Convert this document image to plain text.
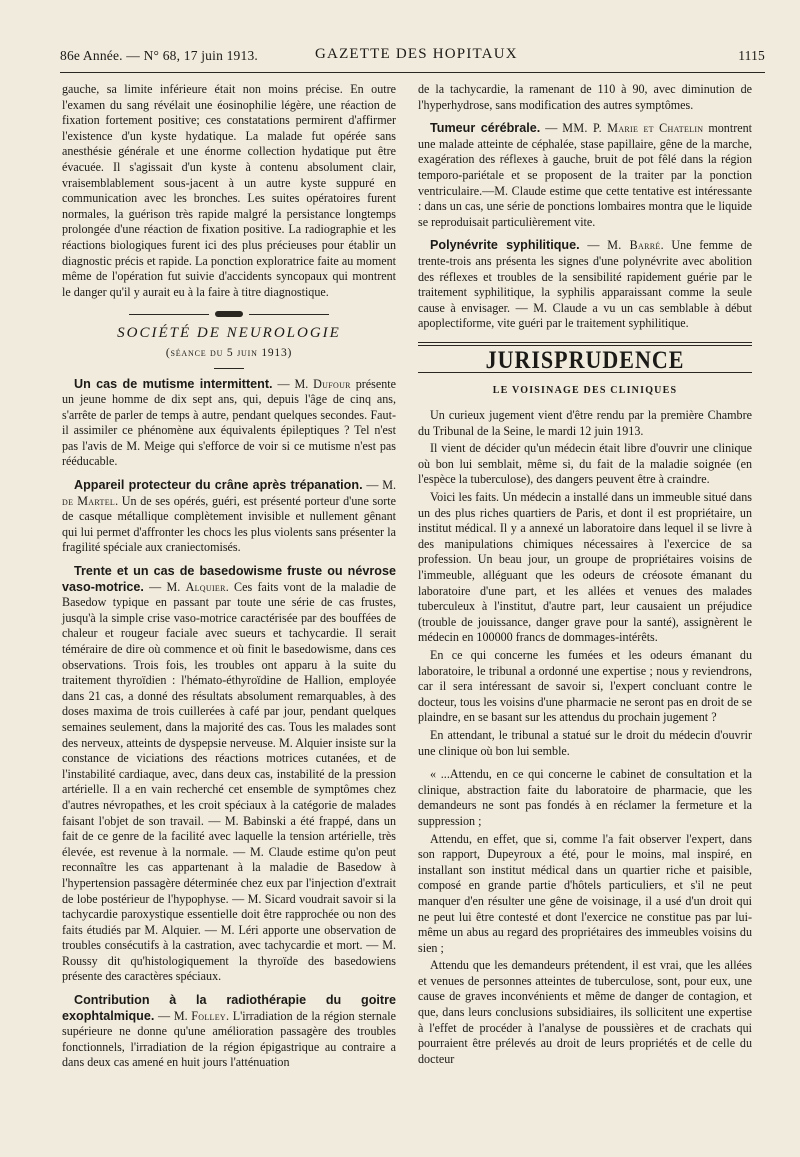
86e Année. — N° 68, 17 juin 1913.	GAZETTE DES HOPITAUX	1115

gauche, sa limite inférieure était non moins précise. En outre l'examen du sang révélait une éosinophilie légère, une réaction de fixation fortement positive; ces constatations permirent d'affirmer l'existence d'un kyste hydatique. La malade fut opérée sans anesthésie générale et une énorme collection hydatique put être évacuée. Il s'agissait d'un kyste à contenu absolument clair, vraisemblablement sous-jacent à un autre kyste suppuré en communication avec les bronches. Les suites opératoires furent normales, la guérison très rapide malgré la persistance longtemps prolongée d'une réaction de fixation positive. La radiographie et les réactions biologiques furent ici des plus précieuses pour établir un diagnostic précis et rapide. La ponction exploratrice faite au moment même de l'opération fut suivie d'accidents syncopaux qui montrent le danger qu'il y aurait eu à la faire à titre diagnostique.

SOCIÉTÉ DE NEUROLOGIE
(séance du 5 juin 1913)

Un cas de mutisme intermittent. — M. Dufour présente un jeune homme de dix sept ans, qui, depuis l'âge de cinq ans, s'arrête de parler de temps à autre, pendant quelques secondes. Faut-il assimiler ce phénomène aux équivalents épileptiques ? Tel n'est pas l'avis de M. Meige qui s'efforce de voir si ce mutisme n'est pas rééducable.

Appareil protecteur du crâne après trépanation. — M. de Martel. Un de ses opérés, guéri, est présenté porteur d'une sorte de casque métallique complètement invisible et nullement gênant qui lui permet d'affronter les chocs les plus violents sans présenter la fragilité spéciale aux craniectomisés.

Trente et un cas de basedowisme fruste ou névrose vaso-motrice. — M. Alquier. Ces faits vont de la maladie de Basedow typique en passant par toute une série de cas frustes, jusqu'à la simple crise vaso-motrice caractérisée par des bouffées de chaleur et rougeur faciale avec sueurs et tachycardie. Il serait téméraire de dire où commence et où finit le basedowisme, dans ces observations. Trois fois, les troubles ont apparu à la suite du traitement thyroïdien : l'hémato-éthyroïdine de Hallion, employée dans 21 cas, a donné des résultats absolument remarquables, à des doses maxima de trois cuillerées à café par jour, pendant quelques semaines seulement, dans la majorité des cas. Tous les malades sont des nerveux, atteints de dyspepsie nerveuse. M. Alquier insiste sur la constance de viciations des réactions motrices cutanées, et de l'instabilité cardiaque, avec, dans deux cas, instabilité de la pression artérielle. Il a en vain recherché cet ensemble de symptômes chez d'autres névropathes, et les croit spéciaux à la catégorie de malades faisant l'objet de son travail. — M. Babinski a été frappé, dans un fait de ce genre de la facilité avec laquelle la tension artérielle, très élevée, est revenue à la normale. — M. Claude estime qu'on peut reconnaître les cas appartenant à la maladie de Basedow à l'hypertension passagère déterminée chez eux par l'injection d'extrait de lobe postérieur de l'hypophyse. — M. Sicard voudrait savoir si la tachycardie paroxystique essentielle doit être rapprochée ou non des faits étudiés par M. Alquier. — M. Léri apporte une observation de troubles consécutifs à la castration, avec tachycardie et mort. — M. Roussy dit qu'histologiquement la thyroïde des basedowiens présente des caractères spéciaux.

Contribution à la radiothérapie du goitre exophtalmique. — M. Folley. L'irradiation de la région sternale supérieure ne donne qu'une amélioration passagère des troubles fonctionnels, l'irradiation de la région épigastrique au contraire a dans deux cas amené en huit jours l'atténuation

de la tachycardie, la ramenant de 110 à 90, avec diminution de l'hyperhydrose, sans modification des autres symptômes.

Tumeur cérébrale. — MM. P. Marie et Chatelin montrent une malade atteinte de céphalée, stase papillaire, gêne de la marche, exagération des réflexes à gauche, bruit de pot fêlé dans la région temporo-pariétale et se proposent de la traiter par la ponction ventriculaire.—M. Claude estime que cette tentative est intéressante : dans un cas, une série de ponctions lombaires montra que le liquide se reproduisait particulièrement vite.

Polynévrite syphilitique. — M. Barré. Une femme de trente-trois ans présenta les signes d'une polynévrite avec abolition des réflexes et troubles de la sensibilité rapidement guérie par le traitement syphilitique, la syphilis apparaissant comme la seule cause à envisager. — M. Claude a vu un cas semblable à début apoplectiforme, vite guéri par le traitement syphilitique.

JURISPRUDENCE
LE VOISINAGE DES CLINIQUES

Un curieux jugement vient d'être rendu par la première Chambre du Tribunal de la Seine, le mardi 12 juin 1913.

Il vient de décider qu'un médecin était libre d'ouvrir une clinique où bon lui semblait, même si, du fait de la maladie soignée (en l'espèce la tuberculose), des dangers peuvent être à craindre.

Voici les faits. Un médecin a installé dans un immeuble situé dans un des plus riches quartiers de Paris, et dont il est propriétaire, un institut médical. Il y a annexé un laboratoire dans lequel il se livre à des manipulations chimiques nécessaires à l'exercice de sa profession. Un beau jour, un groupe de propriétaires voisins de l'immeuble, alléguant que les odeurs de créosote émanant du laboratoire d'une part, et les allées et venues des malades tuberculeux à l'institut, d'autre part, leur causaient un préjudice (trouble de jouissance, danger grave pour la santé), assignèrent le médecin en 100000 francs de dommages-intérêts.

En ce qui concerne les fumées et les odeurs émanant du laboratoire, le tribunal a ordonné une expertise ; nous y reviendrons, car il sera intéressant de savoir si, l'expert concluant contre le docteur, tous les voisins d'une pharmacie ne seront pas en droit de se plaindre, en se basant sur les attendus du prochain jugement ?

En attendant, le tribunal a statué sur le droit du médecin d'ouvrir une clinique où bon lui semble.

« ...Attendu, en ce qui concerne le cabinet de consultation et la clinique, abstraction faite du laboratoire de pharmacie, que les demandeurs ne sont pas fondés à en réclamer la fermeture et la suppression ;

Attendu, en effet, que si, comme l'a fait observer l'expert, dans son rapport, Dupeyroux a été, pour le moins, mal inspiré, en installant son institut médical dans un quartier riche et paisible, composé en grande partie d'hôtels particuliers, et s'il ne peut manquer d'en résulter une gêne de voisinage, il a usé d'un droit qui ne peut lui être contesté et dont l'exercice ne constitue pas par lui-même un abus au regard des propriétaires des immeubles voisins du sien ;

Attendu que les demandeurs prétendent, il est vrai, que les allées et venues de personnes atteintes de tuberculose, sont, pour eux, une cause de graves inconvénients et même de danger de contagion, et que, dans leurs conclusions subsidiaires, ils sollicitent une expertise à l'effet de procéder à l'analyse de poussières et de crachats qui pourraient être prélevés au droit de leurs propriétés et de celle du docteur
